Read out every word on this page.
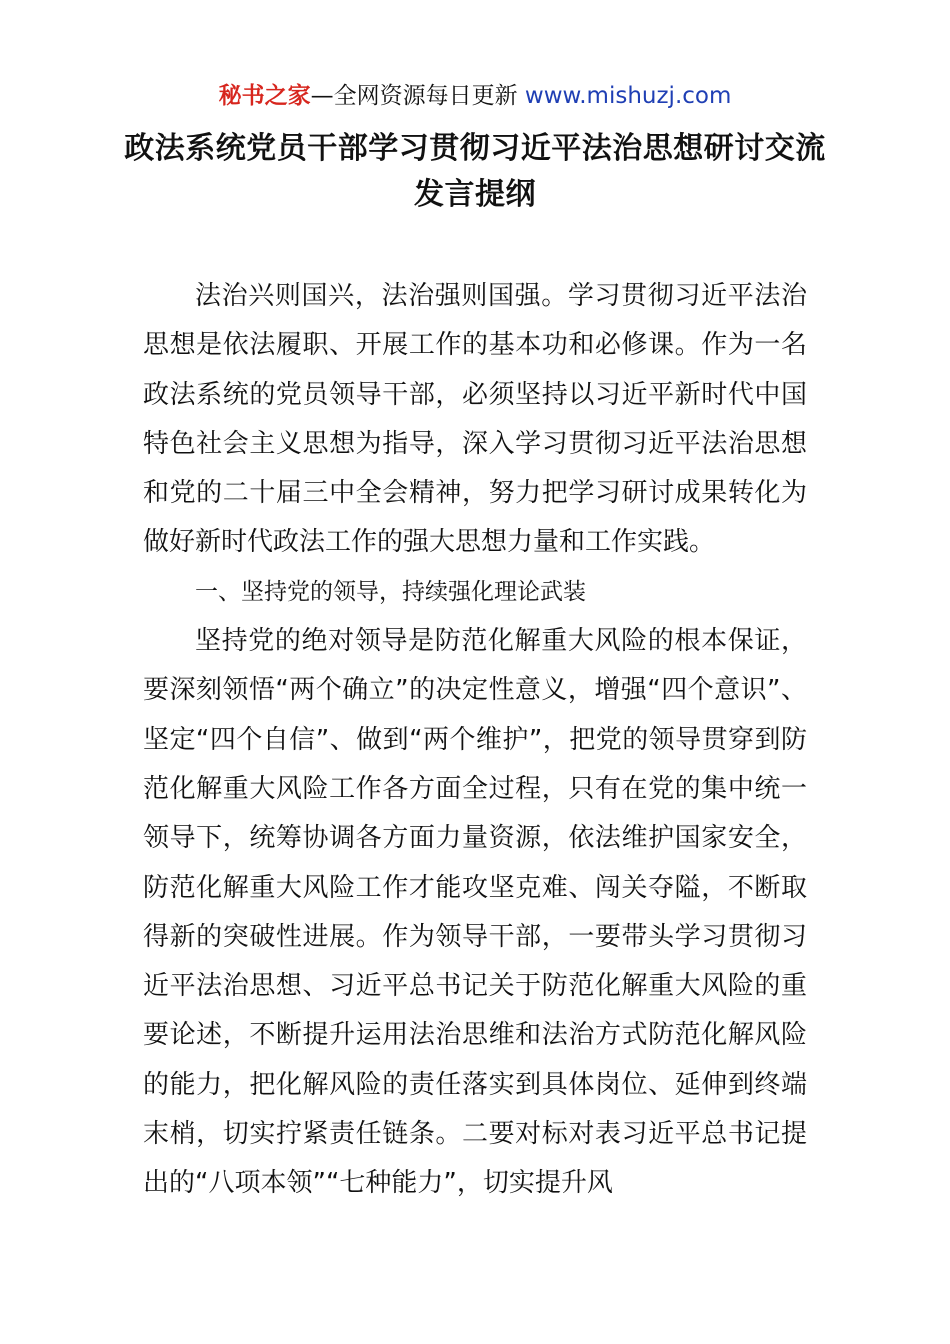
秘书之家—全网资源每日更新 www.mishuzj.com
政法系统党员干部学习贯彻习近平法治思想研讨交流发言提纲

法治兴则国兴，法治强则国强。学习贯彻习近平法治思想是依法履职、开展工作的基本功和必修课。作为一名政法系统的党员领导干部，必须坚持以习近平新时代中国特色社会主义思想为指导，深入学习贯彻习近平法治思想和党的二十届三中全会精神，努力把学习研讨成果转化为做好新时代政法工作的强大思想力量和工作实践。

一、坚持党的领导，持续强化理论武装

坚持党的绝对领导是防范化解重大风险的根本保证，要深刻领悟“两个确立”的决定性意义，增强“四个意识”、坚定“四个自信”、做到“两个维护”，把党的领导贯穿到防范化解重大风险工作各方面全过程，只有在党的集中统一领导下，统筹协调各方面力量资源，依法维护国家安全，防范化解重大风险工作才能攻坚克难、闯关夺隘，不断取得新的突破性进展。作为领导干部，一要带头学习贯彻习近平法治思想、习近平总书记关于防范化解重大风险的重要论述，不断提升运用法治思维和法治方式防范化解风险的能力，把化解风险的责任落实到具体岗位、延伸到终端末梢，切实拧紧责任链条。二要对标对表习近平总书记提出的“八项本领”“七种能力”，切实提升风
